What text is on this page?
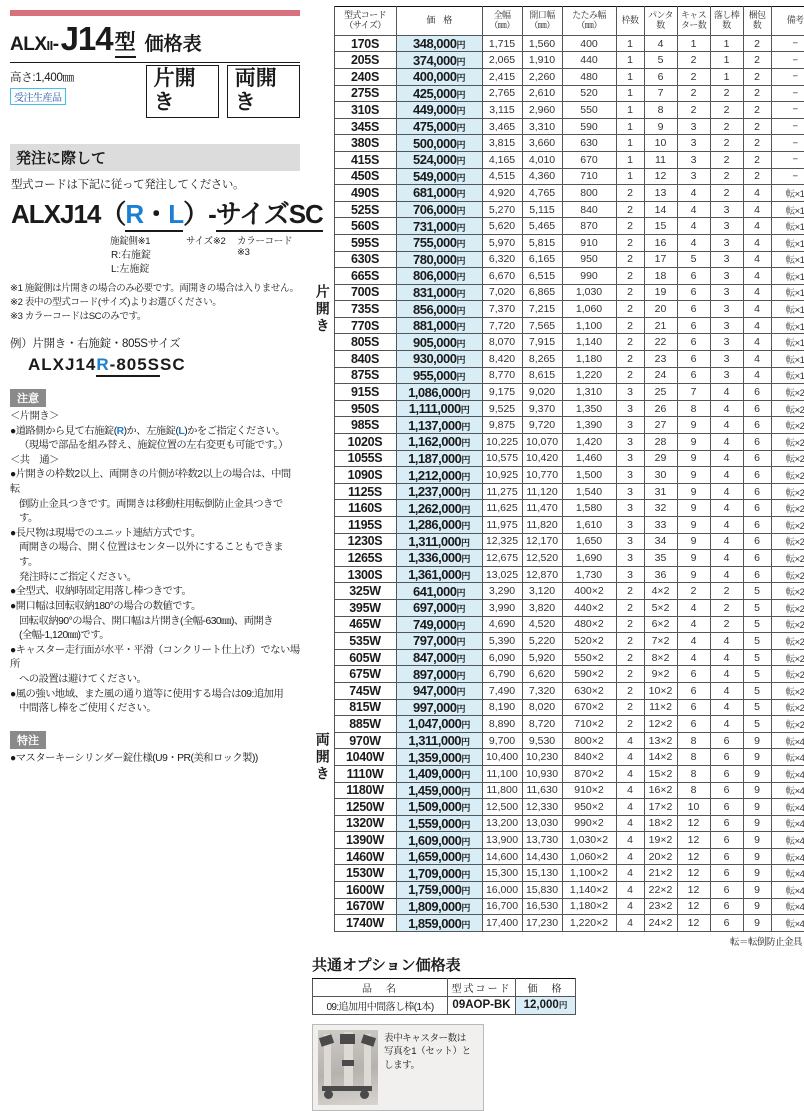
ALXII- J14 型 価格表
高さ:1,400㎜
受注生産品
片開き
両開き
発注に際して
型式コードは下記に従って発注してください。
ALXJ14（R・L）-サイズSC
施錠側※1	サイズ※2 カラーコード※3
R:右施錠
L:左施錠
※1 施錠側は片開きの場合のみ必要です。両開きの場合は入りません。
※2 表中の型式コード(サイズ)よりお選びください。
※3 カラーコードはSCのみです。
例）片開き・右施錠・805Sサイズ
ALXJ14R-805SSC
注意
＜片開き＞
●道路側から見て右施錠(R)か、左施錠(L)かをご指定ください。
（現場で部品を組み替え、施錠位置の左右変更も可能です。）
＜共　通＞
●片開きの枠数2以上、両開きの片側が枠数2以上の場合は、中間転
倒防止金具つきです。両開きは移動柱用転倒防止金具つきです。
●長尺物は現場でのユニット連結方式です。
両開きの場合、開く位置はセンター以外にすることもできます。
発注時にご指定ください。
●全型式、収納時固定用落し棒つきです。
●開口幅は回転収納180°の場合の数値です。
回転収納90°の場合、開口幅は片開き(全幅-630㎜)、両開き
(全幅-1,120㎜)です。
●キャスター走行面が水平・平滑（コンクリート仕上げ）でない場所
への設置は避けてください。
●風の強い地域、また風の通り道等に使用する場合は09:追加用
中間落し棒をご使用ください。
特注
●マスターキーシリンダー錠仕様(U9・PR(美和ロック製))
	型式コード
（サイズ）	価　格	全幅
（㎜）	開口幅
（㎜）	たたみ幅
（㎜）	枠数	パンタ
数	キャス
ター数	落し棒
数	梱包
数	備考
片開き	170S	348,000円	1,715	1,560	400	1	4	1	1	2	−
	205S	374,000円	2,065	1,910	440	1	5	2	1	2	−
	240S	400,000円	2,415	2,260	480	1	6	2	1	2	−
	275S	425,000円	2,765	2,610	520	1	7	2	2	2	−
	310S	449,000円	3,115	2,960	550	1	8	2	2	2	−
	345S	475,000円	3,465	3,310	590	1	9	3	2	2	−
	380S	500,000円	3,815	3,660	630	1	10	3	2	2	−
	415S	524,000円	4,165	4,010	670	1	11	3	2	2	−
	450S	549,000円	4,515	4,360	710	1	12	3	2	2	−
	490S	681,000円	4,920	4,765	800	2	13	4	2	4	転×1
	525S	706,000円	5,270	5,115	840	2	14	4	3	4	転×1
	560S	731,000円	5,620	5,465	870	2	15	4	3	4	転×1
	595S	755,000円	5,970	5,815	910	2	16	4	3	4	転×1
	630S	780,000円	6,320	6,165	950	2	17	5	3	4	転×1
	665S	806,000円	6,670	6,515	990	2	18	6	3	4	転×1
	700S	831,000円	7,020	6,865	1,030	2	19	6	3	4	転×1
	735S	856,000円	7,370	7,215	1,060	2	20	6	3	4	転×1
	770S	881,000円	7,720	7,565	1,100	2	21	6	3	4	転×1
	805S	905,000円	8,070	7,915	1,140	2	22	6	3	4	転×1
	840S	930,000円	8,420	8,265	1,180	2	23	6	3	4	転×1
	875S	955,000円	8,770	8,615	1,220	2	24	6	3	4	転×1
	915S	1,086,000円	9,175	9,020	1,310	3	25	7	4	6	転×2
	950S	1,111,000円	9,525	9,370	1,350	3	26	8	4	6	転×2
	985S	1,137,000円	9,875	9,720	1,390	3	27	9	4	6	転×2
	1020S	1,162,000円	10,225	10,070	1,420	3	28	9	4	6	転×2
	1055S	1,187,000円	10,575	10,420	1,460	3	29	9	4	6	転×2
	1090S	1,212,000円	10,925	10,770	1,500	3	30	9	4	6	転×2
	1125S	1,237,000円	11,275	11,120	1,540	3	31	9	4	6	転×2
	1160S	1,262,000円	11,625	11,470	1,580	3	32	9	4	6	転×2
	1195S	1,286,000円	11,975	11,820	1,610	3	33	9	4	6	転×2
	1230S	1,311,000円	12,325	12,170	1,650	3	34	9	4	6	転×2
	1265S	1,336,000円	12,675	12,520	1,690	3	35	9	4	6	転×2
	1300S	1,361,000円	13,025	12,870	1,730	3	36	9	4	6	転×2
両開き	325W	641,000円	3,290	3,120	400×2	2	4×2	2	2	5	転×2
	395W	697,000円	3,990	3,820	440×2	2	5×2	4	2	5	転×2
	465W	749,000円	4,690	4,520	480×2	2	6×2	4	2	5	転×2
	535W	797,000円	5,390	5,220	520×2	2	7×2	4	4	5	転×2
	605W	847,000円	6,090	5,920	550×2	2	8×2	4	4	5	転×2
	675W	897,000円	6,790	6,620	590×2	2	9×2	6	4	5	転×2
	745W	947,000円	7,490	7,320	630×2	2	10×2	6	4	5	転×2
	815W	997,000円	8,190	8,020	670×2	2	11×2	6	4	5	転×2
	885W	1,047,000円	8,890	8,720	710×2	2	12×2	6	4	5	転×2
	970W	1,311,000円	9,700	9,530	800×2	4	13×2	8	6	9	転×4
	1040W	1,359,000円	10,400	10,230	840×2	4	14×2	8	6	9	転×4
	1110W	1,409,000円	11,100	10,930	870×2	4	15×2	8	6	9	転×4
	1180W	1,459,000円	11,800	11,630	910×2	4	16×2	8	6	9	転×4
	1250W	1,509,000円	12,500	12,330	950×2	4	17×2	10	6	9	転×4
	1320W	1,559,000円	13,200	13,030	990×2	4	18×2	12	6	9	転×4
	1390W	1,609,000円	13,900	13,730	1,030×2	4	19×2	12	6	9	転×4
	1460W	1,659,000円	14,600	14,430	1,060×2	4	20×2	12	6	9	転×4
	1530W	1,709,000円	15,300	15,130	1,100×2	4	21×2	12	6	9	転×4
	1600W	1,759,000円	16,000	15,830	1,140×2	4	22×2	12	6	9	転×4
	1670W	1,809,000円	16,700	16,530	1,180×2	4	23×2	12	6	9	転×4
	1740W	1,859,000円	17,400	17,230	1,220×2	4	24×2	12	6	9	転×4
転＝転倒防止金具
共通オプション価格表
品　名	型式コード	価　格
09:追加用中間落し棒(1本)	09AOP-BK	12,000円
表中キャスター数は
写真を1（セット）と
します。
